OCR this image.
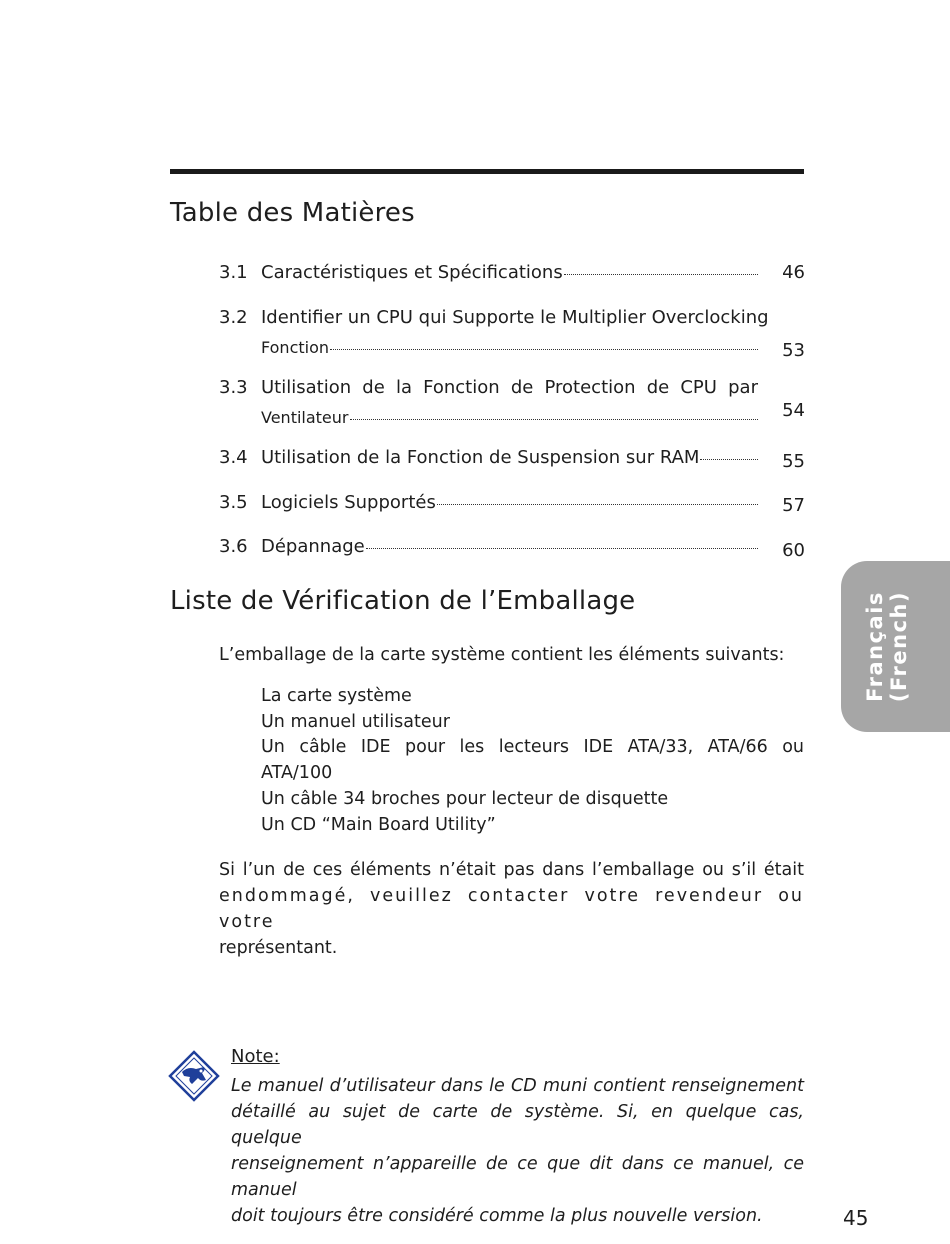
Table des Matières
3.1 Caractéristiques et Spécifications	46
3.2 Identifier un CPU qui Supporte le Multiplier Overclocking
Fonction	53
3.3 Utilisation de la Fonction de Protection de CPU par
Ventilateur	54
3.4 Utilisation de la Fonction de Suspension sur RAM	55
3.5 Logiciels Supportés	57
3.6 Dépannage	60
Liste de Vérification de l’Emballage

L’emballage de la carte système contient les éléments suivants:

La carte système
Un manuel utilisateur
Un câble IDE pour les lecteurs IDE ATA/33, ATA/66 ou
ATA/100
Un câble 34 broches pour lecteur de disquette
Un CD “Main Board Utility”

Si l’un de ces éléments n’était pas dans l’emballage ou s’il était
endommagé, veuillez contacter votre revendeur ou votre
représentant.

Note:
Le manuel d’utilisateur dans le CD muni contient renseignement
détaillé au sujet de carte de système. Si, en quelque cas, quelque
renseignement n’appareille de ce que dit dans ce manuel, ce manuel
doit toujours être considéré comme la plus nouvelle version.
Français (French)
45
